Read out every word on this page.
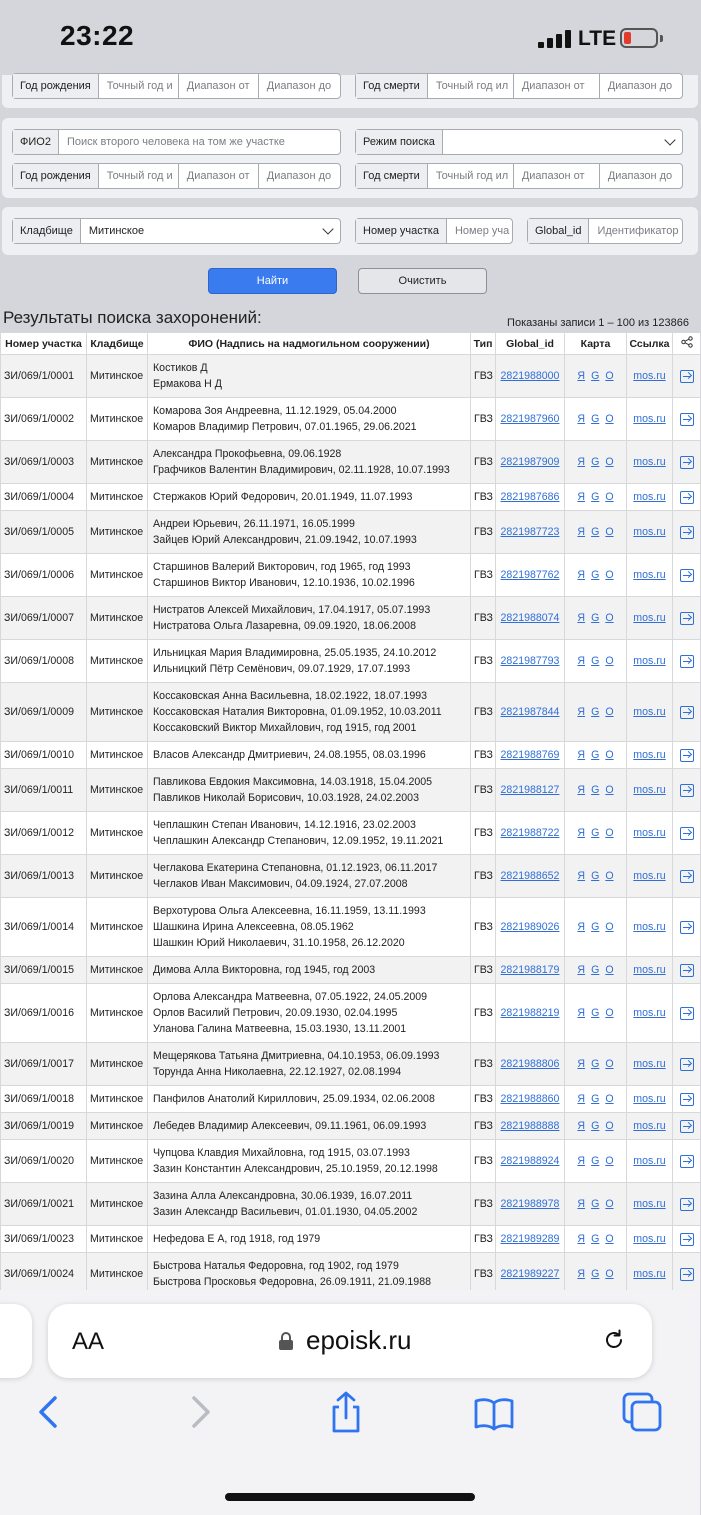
23:22	LTE
Год рождения	Точный год и	Диапазон от	Диапазон до	Год смерти	Точный год ил	Диапазон от	Диапазон до
ФИО2	Поиск второго человека на том же участке	Режим поиска
Год рождения	Точный год и	Диапазон от	Диапазон до	Год смерти	Точный год ил	Диапазон от	Диапазон до
Кладбище	Митинское	Номер участка	Номер уча	Global_id	Идентификатор
Найти	Очистить
Результаты поиска захоронений:	Показаны записи 1 – 100 из 123866
Номер участка	Кладбище	ФИО (Надпись на надмогильном сооружении)	Тип	Global_id	Карта	Ссылка	
ЗИ/069/1/0001	Митинское	Костиков Д
Ермакова Н Д	ГВЗ	2821988000	Я G О	mos.ru	
ЗИ/069/1/0002	Митинское	Комарова Зоя Андреевна, 11.12.1929, 05.04.2000
Комаров Владимир Петрович, 07.01.1965, 29.06.2021	ГВЗ	2821987960	Я G О	mos.ru	
ЗИ/069/1/0003	Митинское	Александра Прокофьевна, 09.06.1928
Графчиков Валентин Владимирович, 02.11.1928, 10.07.1993	ГВЗ	2821987909	Я G О	mos.ru	
ЗИ/069/1/0004	Митинское	Стержаков Юрий Федорович, 20.01.1949, 11.07.1993	ГВЗ	2821987686	Я G О	mos.ru	
ЗИ/069/1/0005	Митинское	Андреи Юрьевич, 26.11.1971, 16.05.1999
Зайцев Юрий Александрович, 21.09.1942, 10.07.1993	ГВЗ	2821987723	Я G О	mos.ru	
ЗИ/069/1/0006	Митинское	Старшинов Валерий Викторович, год 1965, год 1993
Старшинов Виктор Иванович, 12.10.1936, 10.02.1996	ГВЗ	2821987762	Я G О	mos.ru	
ЗИ/069/1/0007	Митинское	Нистратов Алексей Михайлович, 17.04.1917, 05.07.1993
Нистратова Ольга Лазаревна, 09.09.1920, 18.06.2008	ГВЗ	2821988074	Я G О	mos.ru	
ЗИ/069/1/0008	Митинское	Ильницкая Мария Владимировна, 25.05.1935, 24.10.2012
Ильницкий Пётр Семёнович, 09.07.1929, 17.07.1993	ГВЗ	2821987793	Я G О	mos.ru	
ЗИ/069/1/0009	Митинское	Коссаковская Анна Васильевна, 18.02.1922, 18.07.1993
Коссаковская Наталия Викторовна, 01.09.1952, 10.03.2011
Коссаковский Виктор Михайлович, год 1915, год 2001	ГВЗ	2821987844	Я G О	mos.ru	
ЗИ/069/1/0010	Митинское	Власов Александр Дмитриевич, 24.08.1955, 08.03.1996	ГВЗ	2821988769	Я G О	mos.ru	
ЗИ/069/1/0011	Митинское	Павликова Евдокия Максимовна, 14.03.1918, 15.04.2005
Павликов Николай Борисович, 10.03.1928, 24.02.2003	ГВЗ	2821988127	Я G О	mos.ru	
ЗИ/069/1/0012	Митинское	Чеплашкин Степан Иванович, 14.12.1916, 23.02.2003
Чеплашкин Александр Степанович, 12.09.1952, 19.11.2021	ГВЗ	2821988722	Я G О	mos.ru	
ЗИ/069/1/0013	Митинское	Чеглакова Екатерина Степановна, 01.12.1923, 06.11.2017
Чеглаков Иван Максимович, 04.09.1924, 27.07.2008	ГВЗ	2821988652	Я G О	mos.ru	
ЗИ/069/1/0014	Митинское	Верхотурова Ольга Алексеевна, 16.11.1959, 13.11.1993
Шашкина Ирина Алексеевна, 08.05.1962
Шашкин Юрий Николаевич, 31.10.1958, 26.12.2020	ГВЗ	2821989026	Я G О	mos.ru	
ЗИ/069/1/0015	Митинское	Димова Алла Викторовна, год 1945, год 2003	ГВЗ	2821988179	Я G О	mos.ru	
ЗИ/069/1/0016	Митинское	Орлова Александра Матвеевна, 07.05.1922, 24.05.2009
Орлов Василий Петрович, 20.09.1930, 02.04.1995
Уланова Галина Матвеевна, 15.03.1930, 13.11.2001	ГВЗ	2821988219	Я G О	mos.ru	
ЗИ/069/1/0017	Митинское	Мещерякова Татьяна Дмитриевна, 04.10.1953, 06.09.1993
Торунда Анна Николаевна, 22.12.1927, 02.08.1994	ГВЗ	2821988806	Я G О	mos.ru	
ЗИ/069/1/0018	Митинское	Панфилов Анатолий Кириллович, 25.09.1934, 02.06.2008	ГВЗ	2821988860	Я G О	mos.ru	
ЗИ/069/1/0019	Митинское	Лебедев Владимир Алексеевич, 09.11.1961, 06.09.1993	ГВЗ	2821988888	Я G О	mos.ru	
ЗИ/069/1/0020	Митинское	Чупцова Клавдия Михайловна, год 1915, 03.07.1993
Зазин Константин Александрович, 25.10.1959, 20.12.1998	ГВЗ	2821988924	Я G О	mos.ru	
ЗИ/069/1/0021	Митинское	Зазина Алла Александровна, 30.06.1939, 16.07.2011
Зазин Александр Васильевич, 01.01.1930, 04.05.2002	ГВЗ	2821988978	Я G О	mos.ru	
ЗИ/069/1/0023	Митинское	Нефедова Е А, год 1918, год 1979	ГВЗ	2821989289	Я G О	mos.ru	
ЗИ/069/1/0024	Митинское	Быстрова Наталья Федоровна, год 1902, год 1979
Быстрова Просковья Федоровна, 26.09.1911, 21.09.1988	ГВЗ	2821989227	Я G О	mos.ru	

AA	epoisk.ru
